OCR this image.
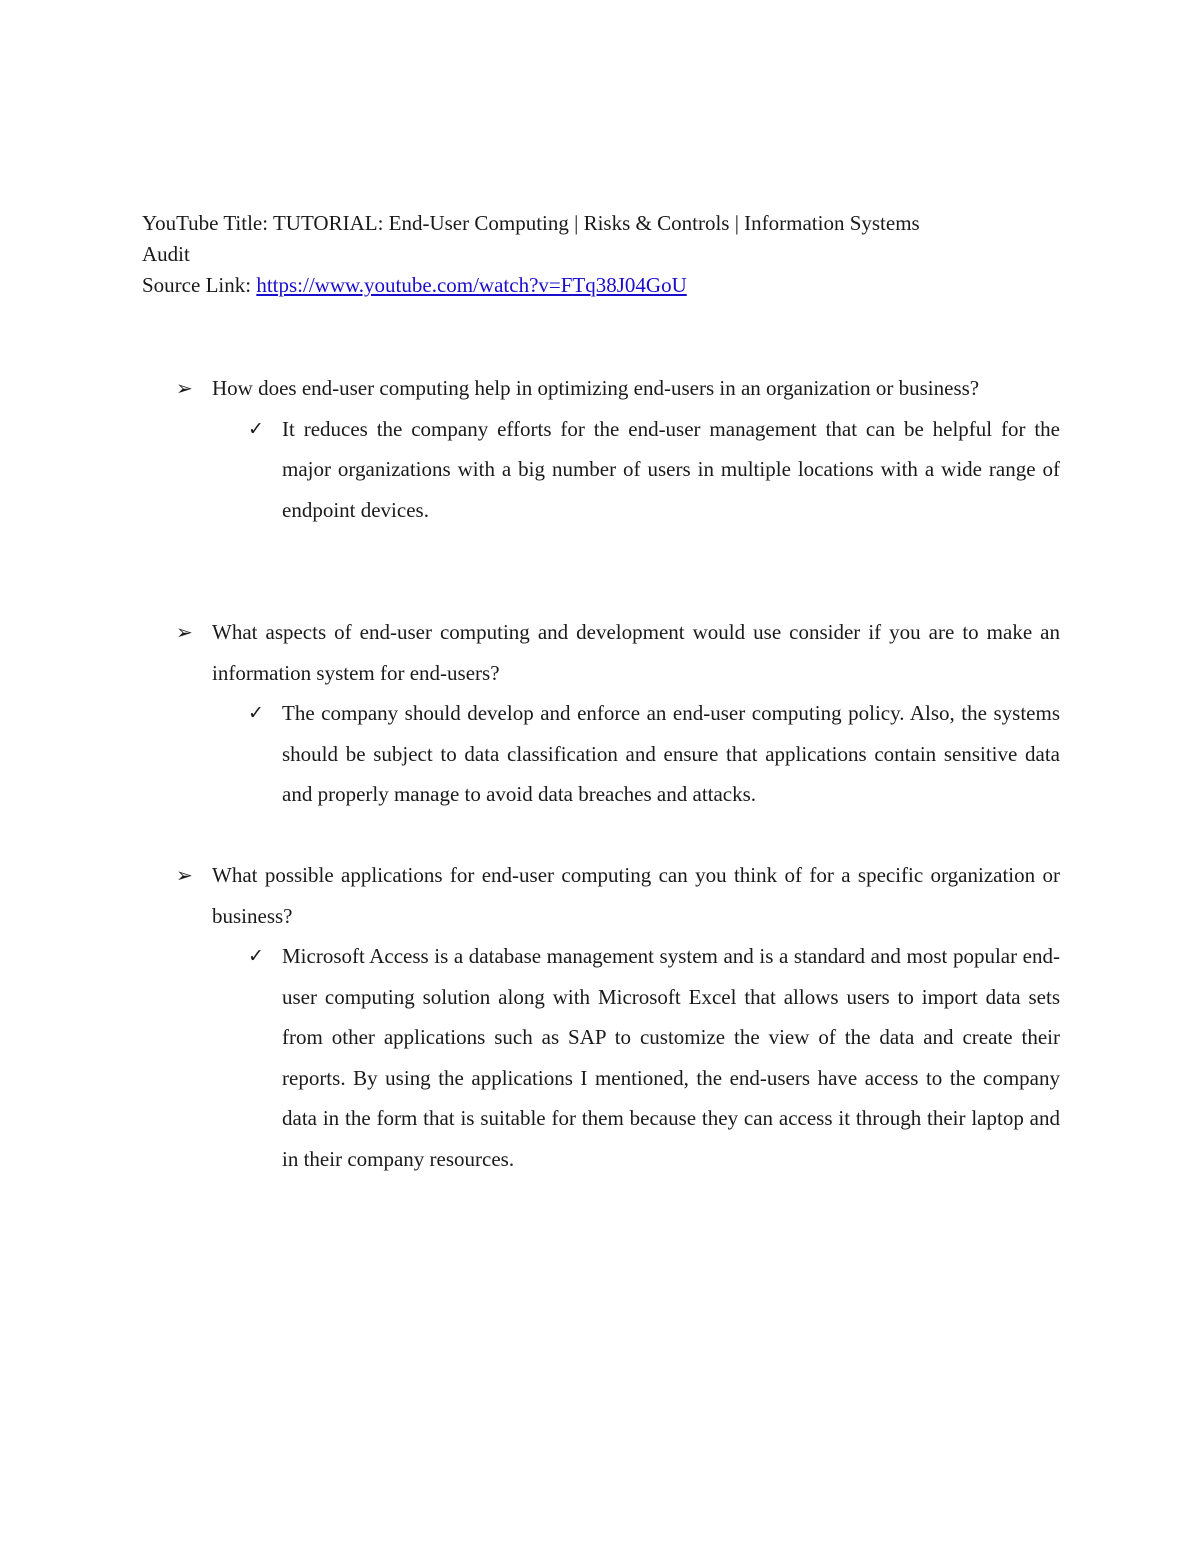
YouTube Title: TUTORIAL: End-User Computing | Risks & Controls | Information Systems
Audit
Source Link: https://www.youtube.com/watch?v=FTq38J04GoU
➢ How does end-user computing help in optimizing end-users in an organization or business?
✓ It reduces the company efforts for the end-user management that can be helpful for the major organizations with a big number of users in multiple locations with a wide range of endpoint devices.
➢ What aspects of end-user computing and development would use consider if you are to make an information system for end-users?
✓ The company should develop and enforce an end-user computing policy. Also, the systems should be subject to data classification and ensure that applications contain sensitive data and properly manage to avoid data breaches and attacks.
➢ What possible applications for end-user computing can you think of for a specific organization or business?
✓ Microsoft Access is a database management system and is a standard and most popular end-user computing solution along with Microsoft Excel that allows users to import data sets from other applications such as SAP to customize the view of the data and create their reports. By using the applications I mentioned, the end-users have access to the company data in the form that is suitable for them because they can access it through their laptop and in their company resources.
